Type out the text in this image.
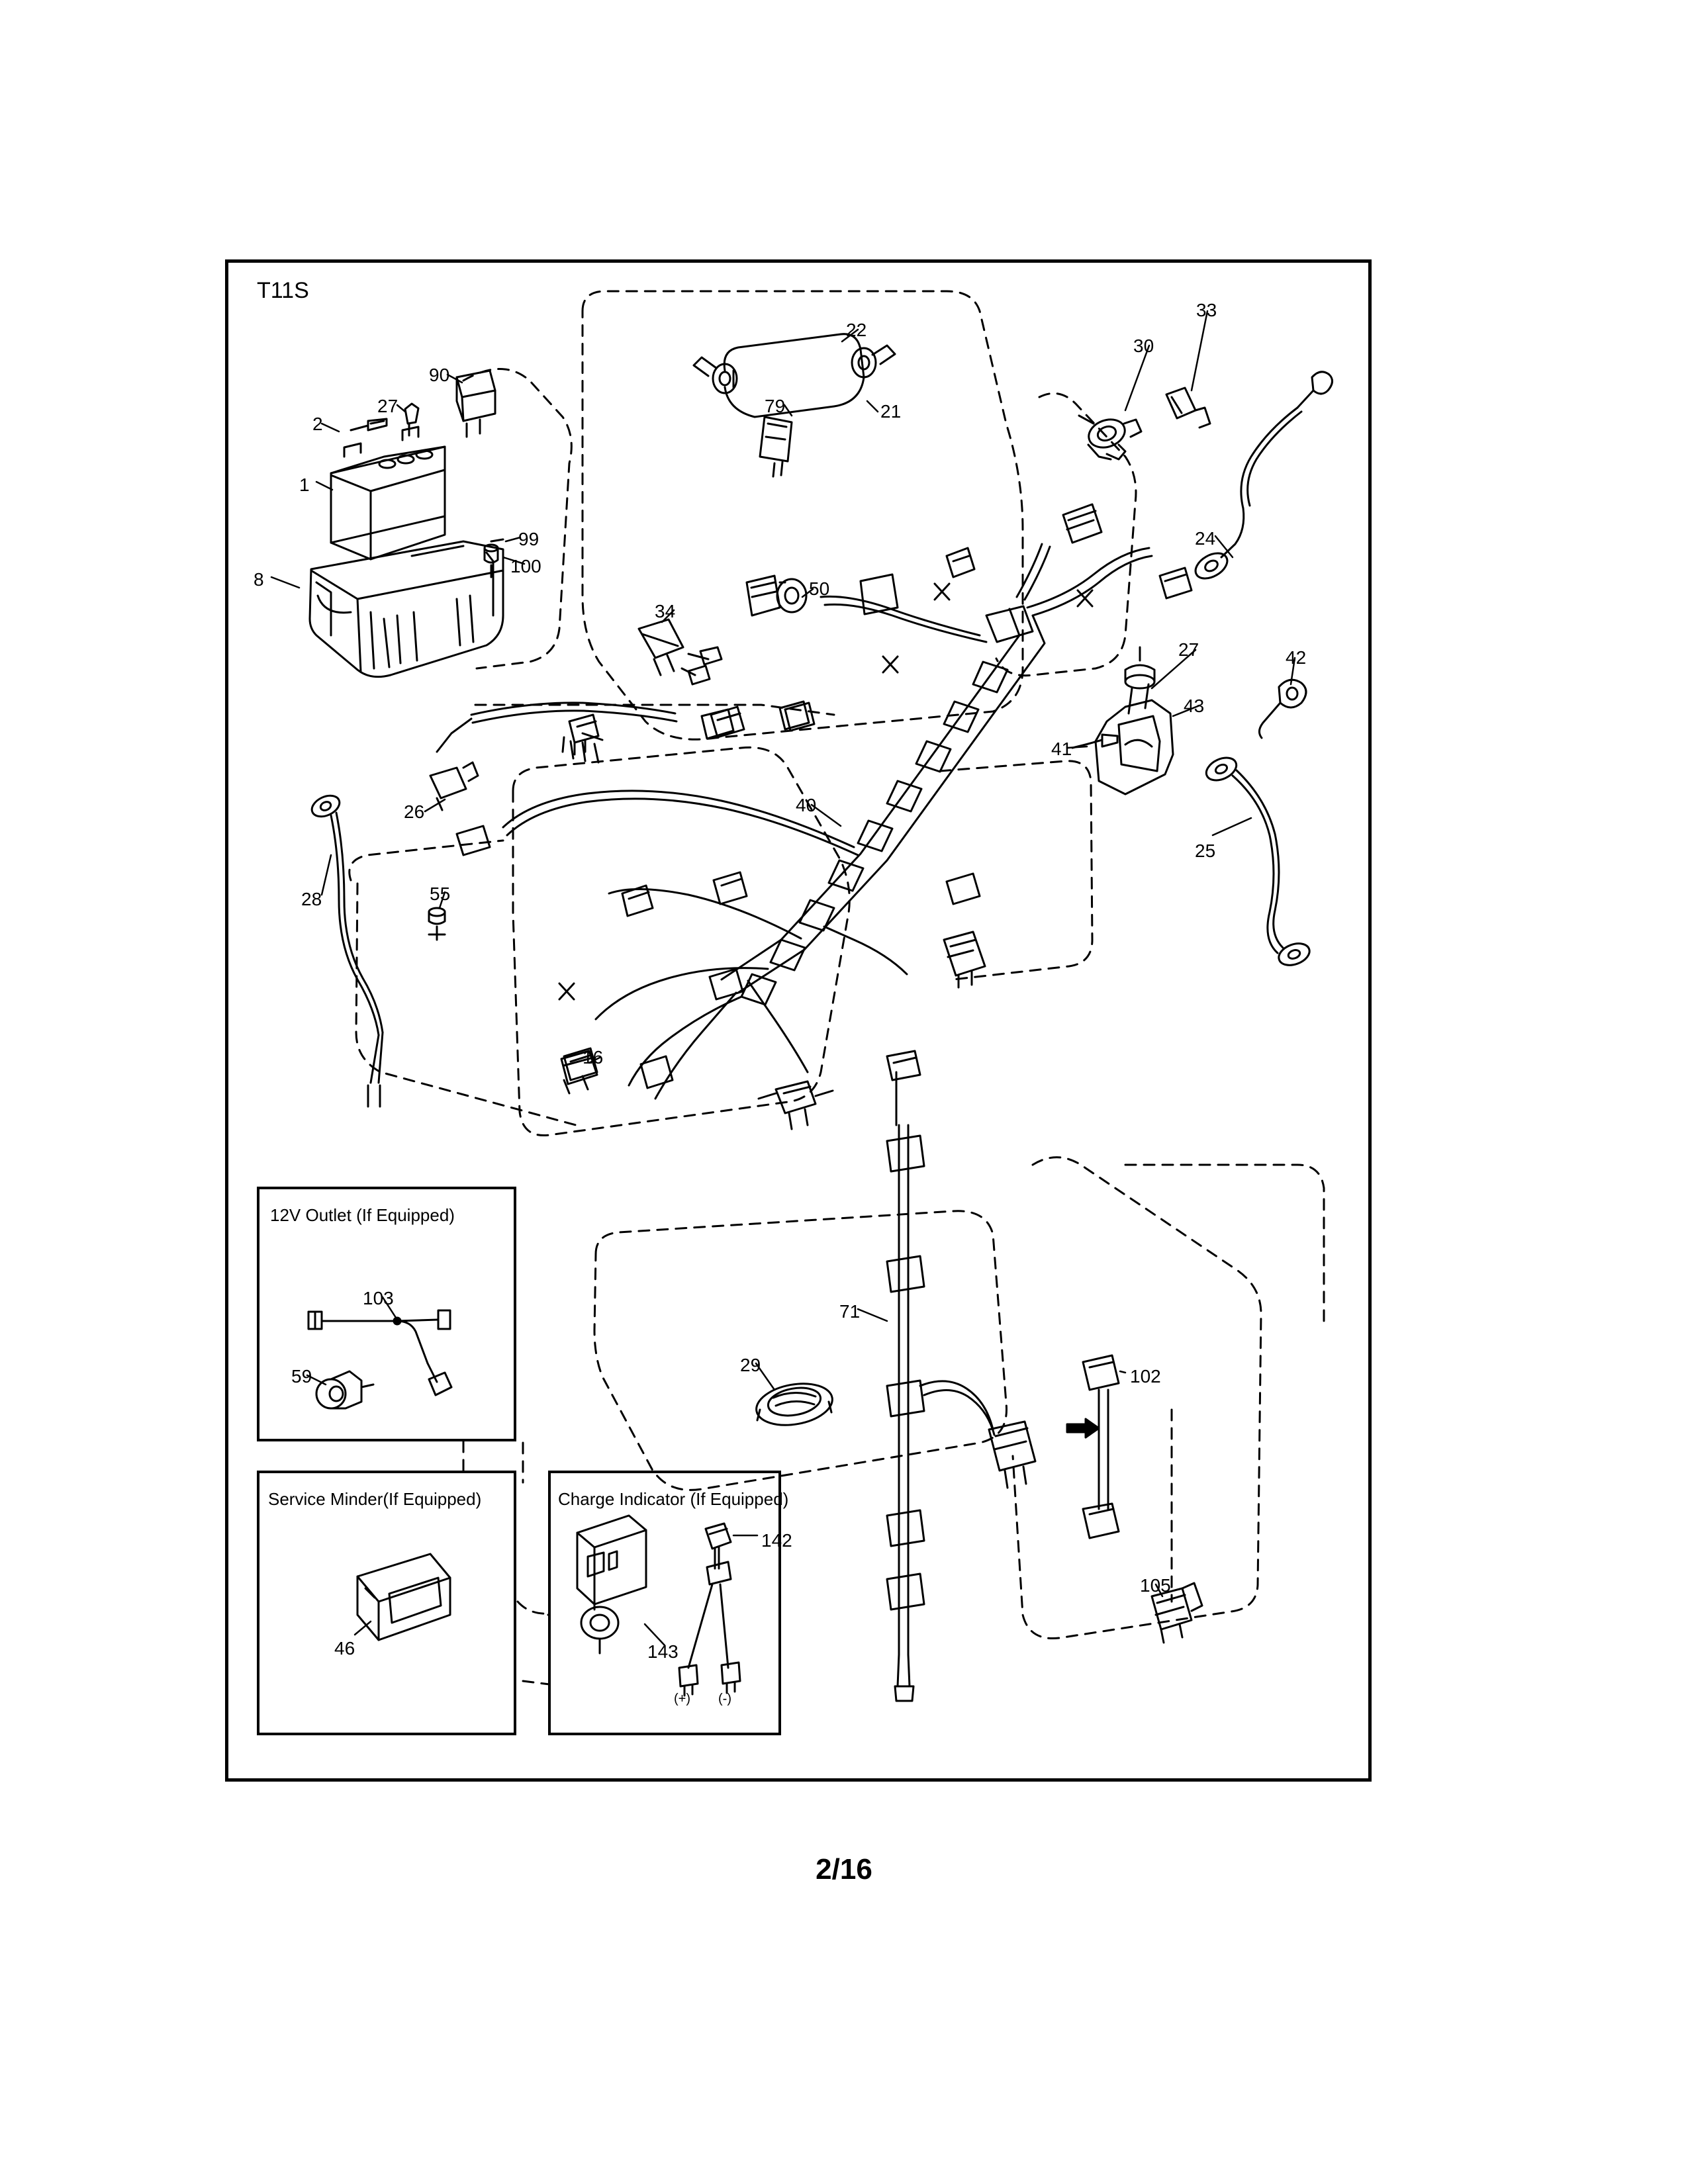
T11S
12V Outlet (If Equipped)
Service Minder(If Equipped)	Charge Indicator (If Equipped)
(+) (-)
1
2
8
16
21
22
24
25
26
27
27
28
29
30
33
34
40
41
42
43
46
50
55
59
71
79
90
99
100
102
103
105
142
143
2/16
